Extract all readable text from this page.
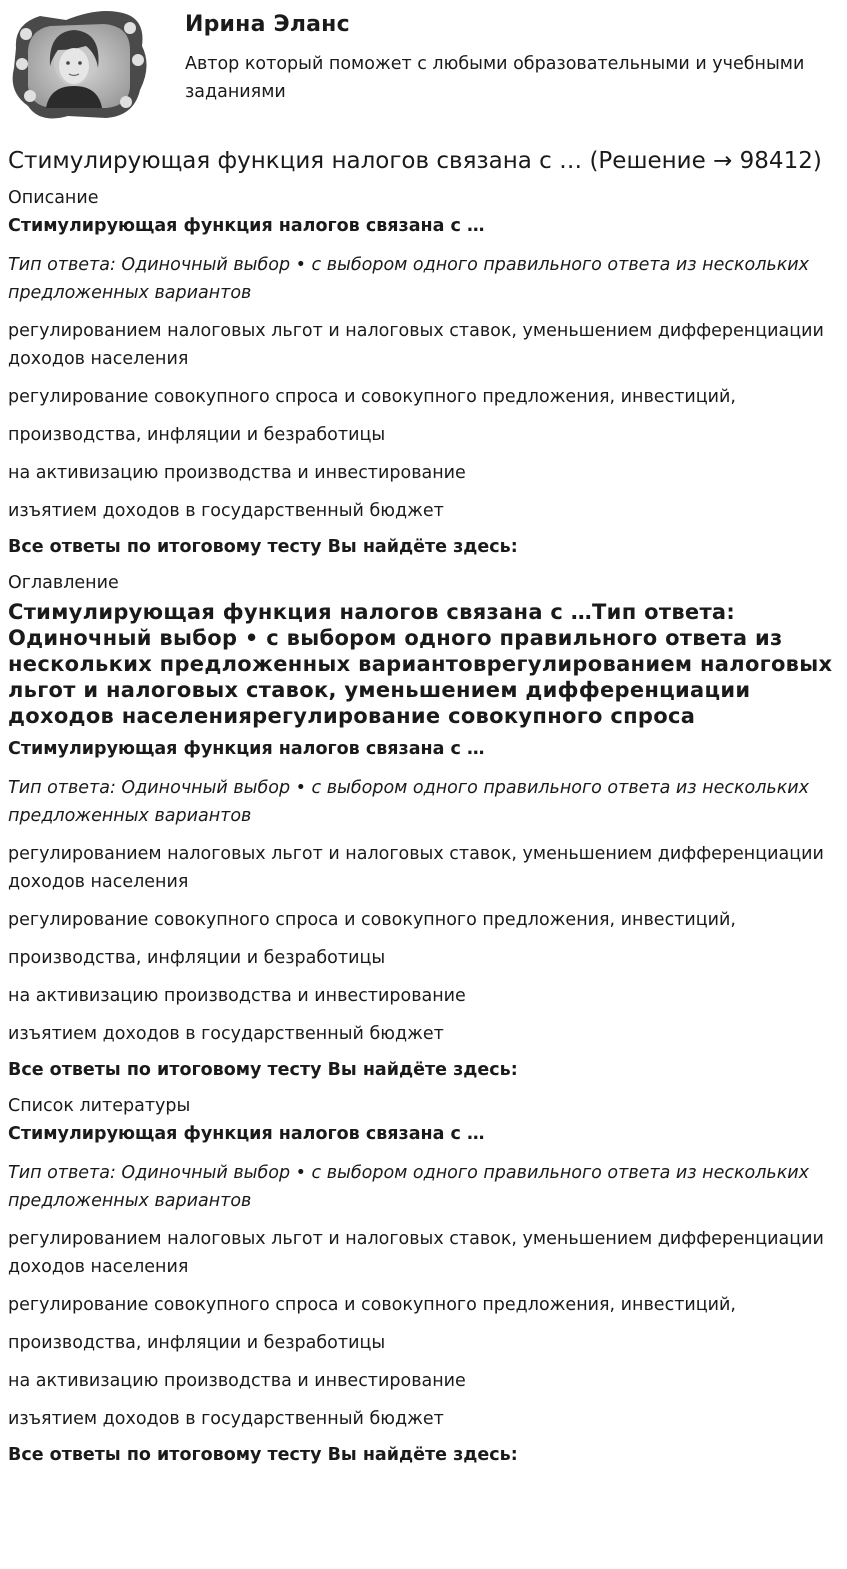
Ирина Эланс

Автор который поможет с любыми образовательными и учебными заданиями

Стимулирующая функция налогов связана с … (Решение → 98412)

Описание

Стимулирующая функция налогов связана с …

Тип ответа: Одиночный выбор • с выбором одного правильного ответа из нескольких предложенных вариантов

регулированием налоговых льгот и налоговых ставок, уменьшением дифференциации доходов населения

регулирование совокупного спроса и совокупного предложения, инвестиций,

производства, инфляции и безработицы

на активизацию производства и инвестирование

изъятием доходов в государственный бюджет

Все ответы по итоговому тесту Вы найдёте здесь:

Оглавление

Стимулирующая функция налогов связана с …Тип ответа: Одиночный выбор • с выбором одного правильного ответа из нескольких предложенных вариантоврегулированием налоговых льгот и налоговых ставок, уменьшением дифференциации доходов населениярегулирование совокупного спроса

Стимулирующая функция налогов связана с …

Тип ответа: Одиночный выбор • с выбором одного правильного ответа из нескольких предложенных вариантов

регулированием налоговых льгот и налоговых ставок, уменьшением дифференциации доходов населения

регулирование совокупного спроса и совокупного предложения, инвестиций,

производства, инфляции и безработицы

на активизацию производства и инвестирование

изъятием доходов в государственный бюджет

Все ответы по итоговому тесту Вы найдёте здесь:

Список литературы

Стимулирующая функция налогов связана с …

Тип ответа: Одиночный выбор • с выбором одного правильного ответа из нескольких предложенных вариантов

регулированием налоговых льгот и налоговых ставок, уменьшением дифференциации доходов населения

регулирование совокупного спроса и совокупного предложения, инвестиций,

производства, инфляции и безработицы

на активизацию производства и инвестирование

изъятием доходов в государственный бюджет

Все ответы по итоговому тесту Вы найдёте здесь:
